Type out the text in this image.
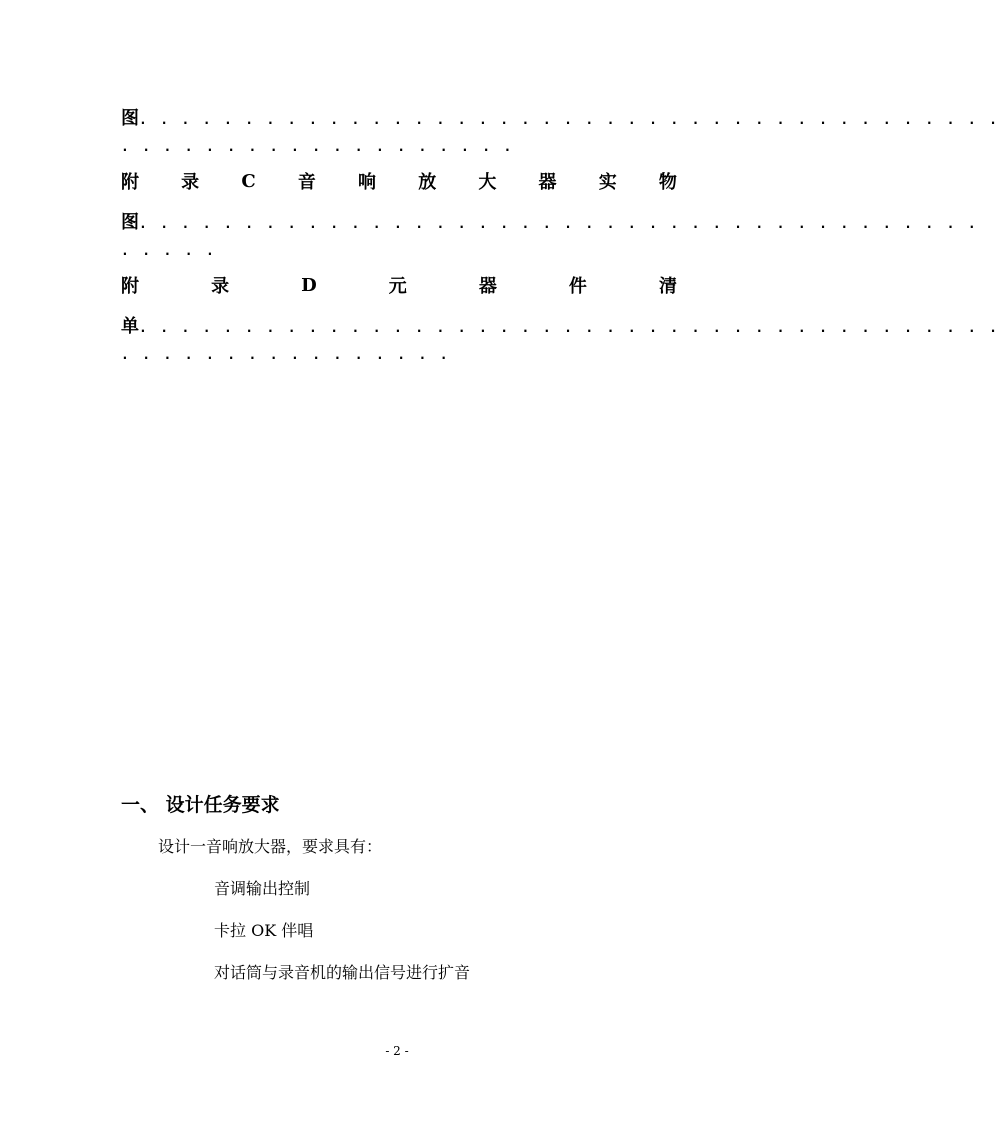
图. . . . . . . . . . . . . . . . . . . . . . . . . . . . . . . . . . . . . . . . .
. . . . . . . . . . . . . . . . . . .
附 录 C 音 响 放 大 器 实 物
图. . . . . . . . . . . . . . . . . . . . . . . . . . . . . . . . . . . . . . . .
. . . . .
附	录	D	元	器	件	清
单. . . . . . . . . . . . . . . . . . . . . . . . . . . . . . . . . . . . . . . . .
. . . . . . . . . . . . . . . .
一、 设计任务要求
设计一音响放大器，要求具有：
音调输出控制
卡拉 OK 伴唱
对话筒与录音机的输出信号进行扩音
- 2 -
